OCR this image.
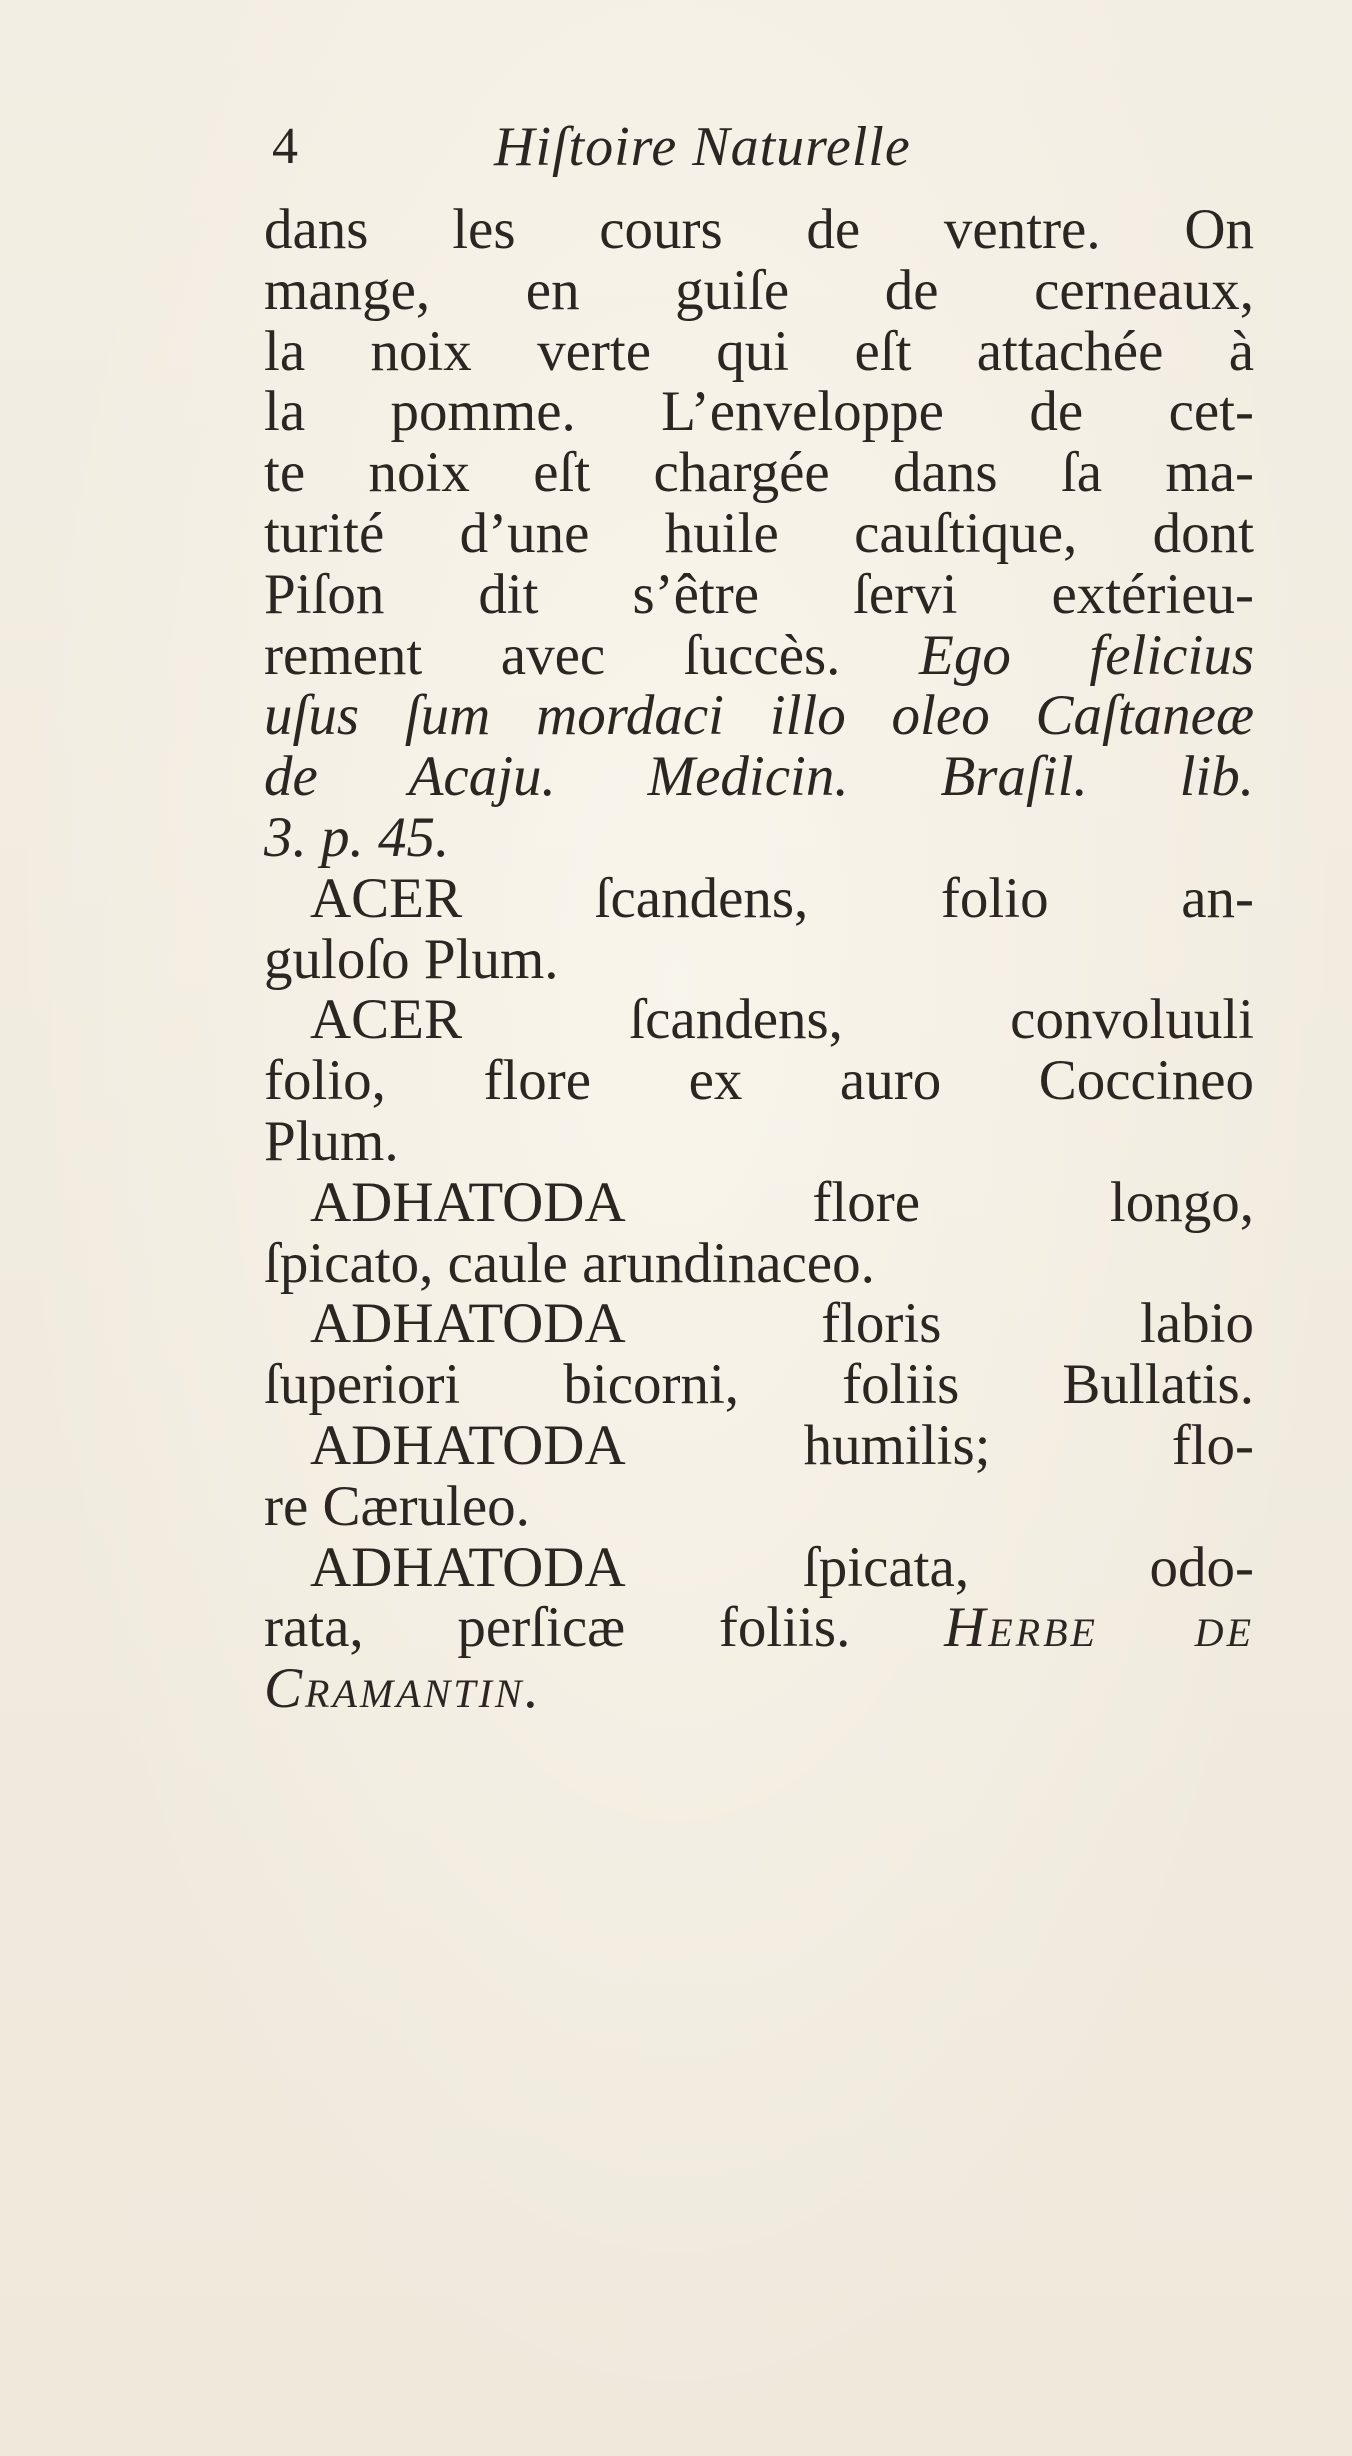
4	Hiſtoire Naturelle
dans les cours de ventre. On
mange, en guiſe de cerneaux,
la noix verte qui eſt attachée à
la pomme. L’enveloppe de cet-
te noix eſt chargée dans ſa ma-
turité d’une huile cauſtique, dont
Piſon dit s’être ſervi extérieu-
rement avec ſuccès. Ego felicius
uſus ſum mordaci illo oleo Caſtaneæ
de Acaju. Medicin. Braſil. lib.
3. p. 45.
ACER ſcandens, folio an-
guloſo Plum.
ACER ſcandens, convoluuli
folio, flore ex auro Coccineo
Plum.
ADHATODA flore longo,
ſpicato, caule arundinaceo.
ADHATODA floris labio
ſuperiori bicorni, foliis Bullatis.
ADHATODA humilis; flo-
re Cæruleo.
ADHATODA ſpicata, odo-
rata, perſicæ foliis. Herbe de
Cramantin.
